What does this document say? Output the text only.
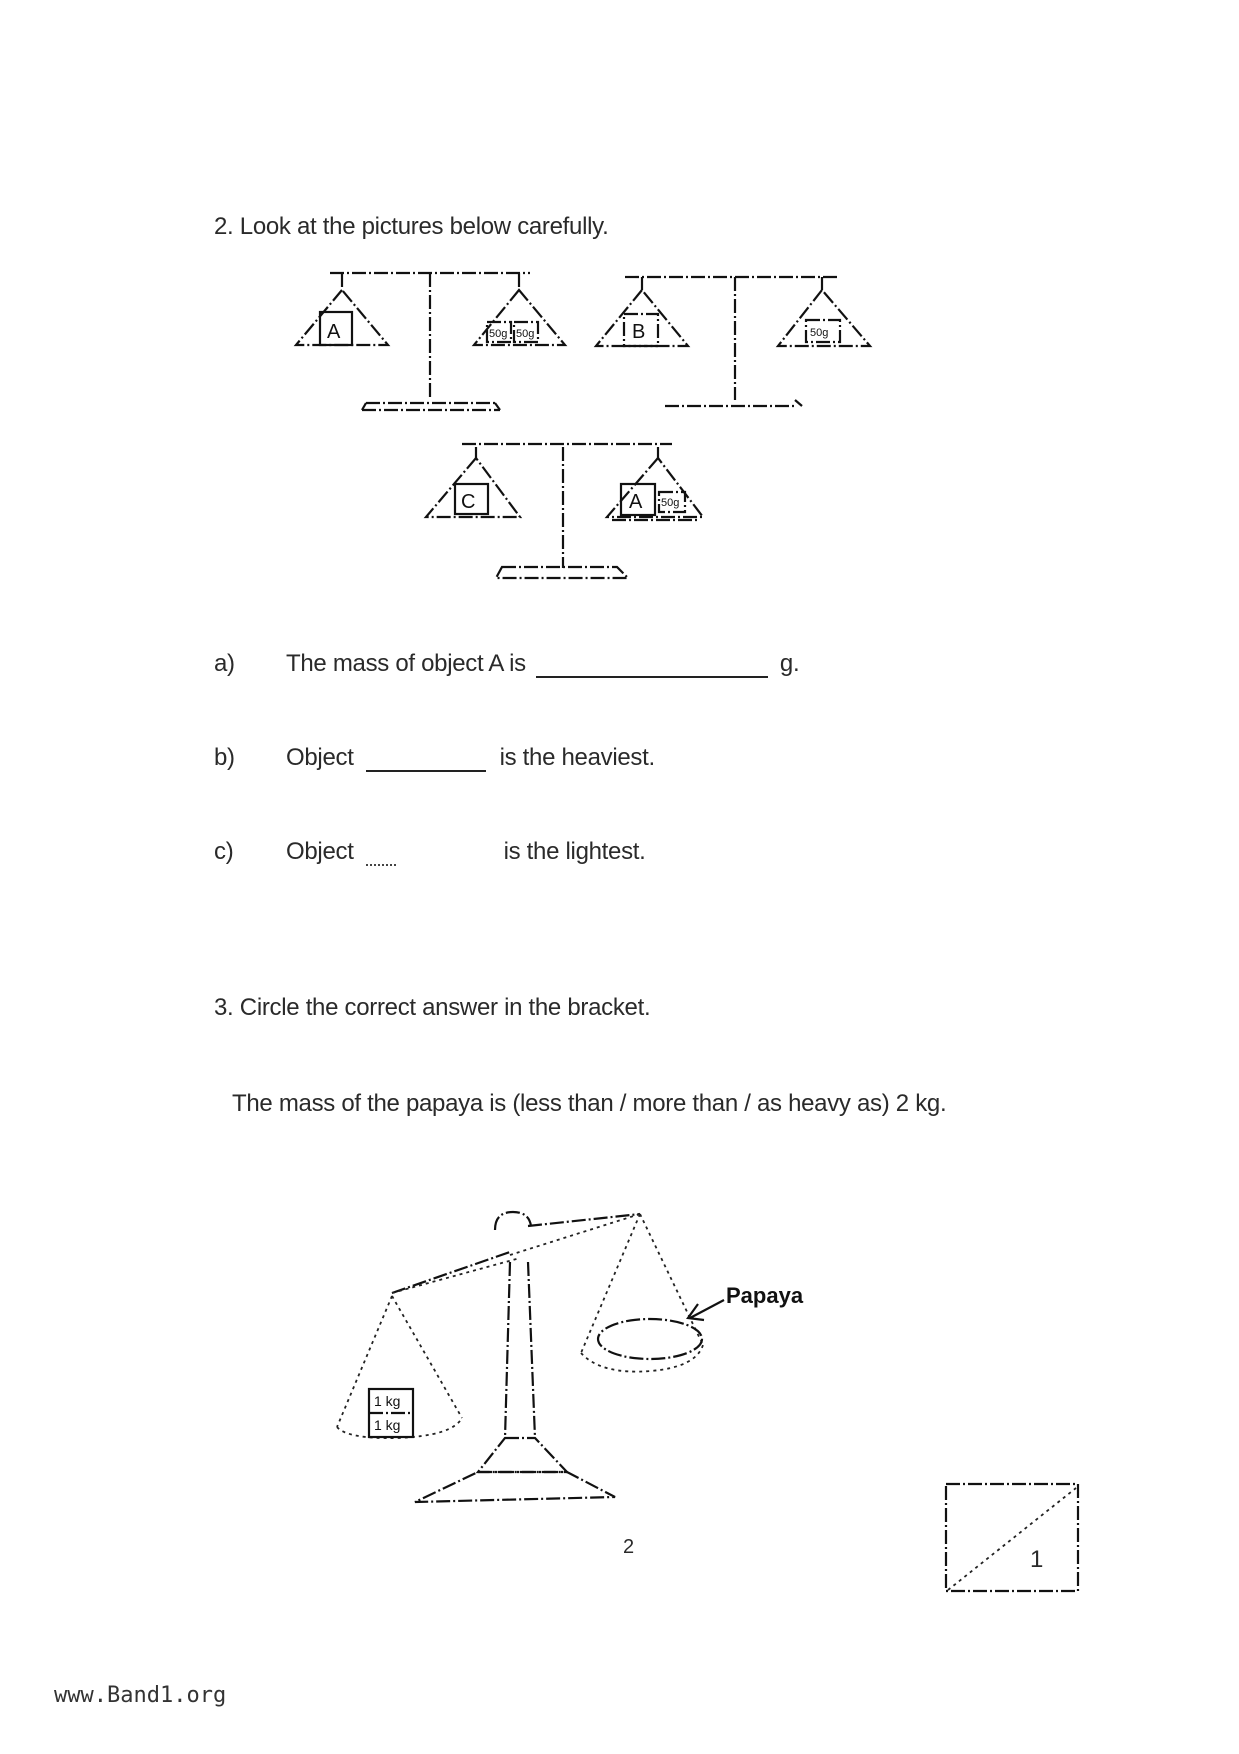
2. Look at the pictures below carefully.
A	50g 50g	B	50g
C	A 50g
a) The mass of object A is	g.
b) Object	is the heaviest.
c) Object	is the lightest.
3. Circle the correct answer in the bracket.
The mass of the papaya is (less than / more than / as heavy as) 2 kg.
1 kg
1 kg
Papaya
2	1
www.Band1.org
